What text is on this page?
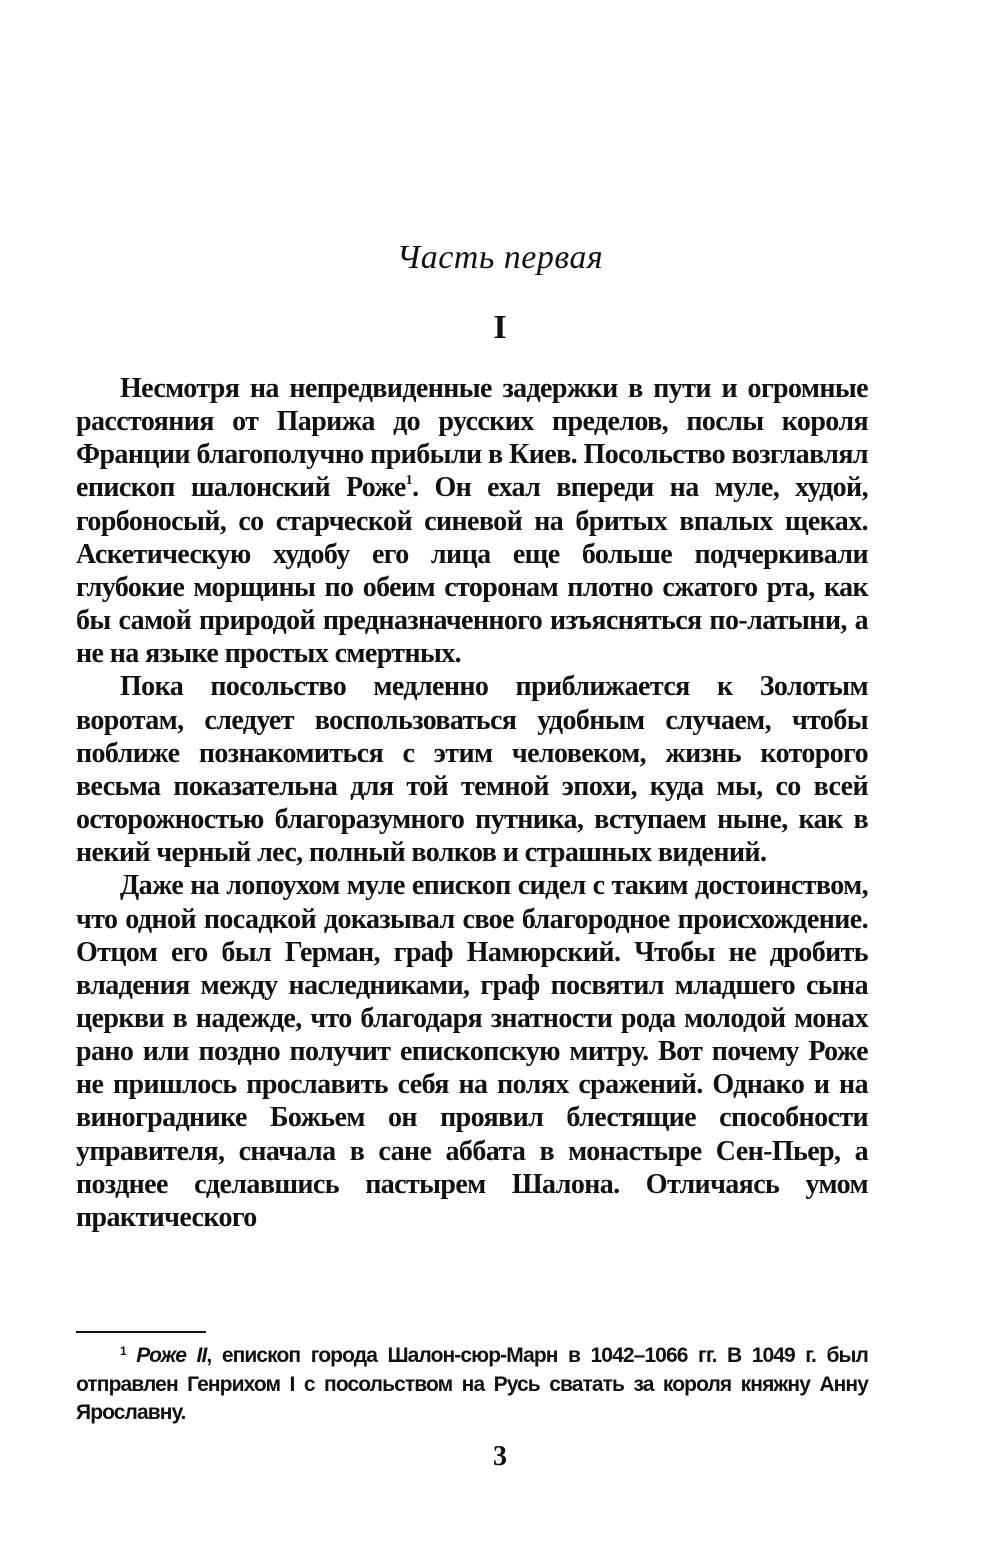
Часть первая
I

Несмотря на непредвиденные задержки в пути и огромные расстояния от Парижа до русских пределов, послы короля Франции благополучно прибыли в Киев. Посольство возглавлял епископ шалонский Роже$^1$. Он ехал впереди на муле, худой, горбоносый, со старческой синевой на бритых впалых щеках. Аскетическую худобу его лица еще больше подчеркивали глубокие морщины по обеим сторонам плотно сжатого рта, как бы самой природой предназначенного изъясняться по-латыни, а не на языке простых смертных.

Пока посольство медленно приближается к Золотым воротам, следует воспользоваться удобным случаем, чтобы поближе познакомиться с этим человеком, жизнь которого весьма показательна для той темной эпохи, куда мы, со всей осторожностью благоразумного путника, вступаем ныне, как в некий черный лес, полный волков и страшных видений.

Даже на лопоухом муле епископ сидел с таким достоинством, что одной посадкой доказывал свое благородное происхождение. Отцом его был Герман, граф Намюрский. Чтобы не дробить владения между наследниками, граф посвятил младшего сына церкви в надежде, что благодаря знатности рода молодой монах рано или поздно получит епископскую митру. Вот почему Роже не пришлось прославить себя на полях сражений. Однако и на винограднике Божьем он проявил блестящие способности управителя, сначала в сане аббата в монастыре Сен-Пьер, а позднее сделавшись пастырем Шалона. Отличаясь умом практического

$^1$ Роже II, епископ города Шалон-сюр-Марн в 1042–1066 гг. В 1049 г. был отправлен Генрихом I с посольством на Русь сватать за короля княжну Анну Ярославну.
3
